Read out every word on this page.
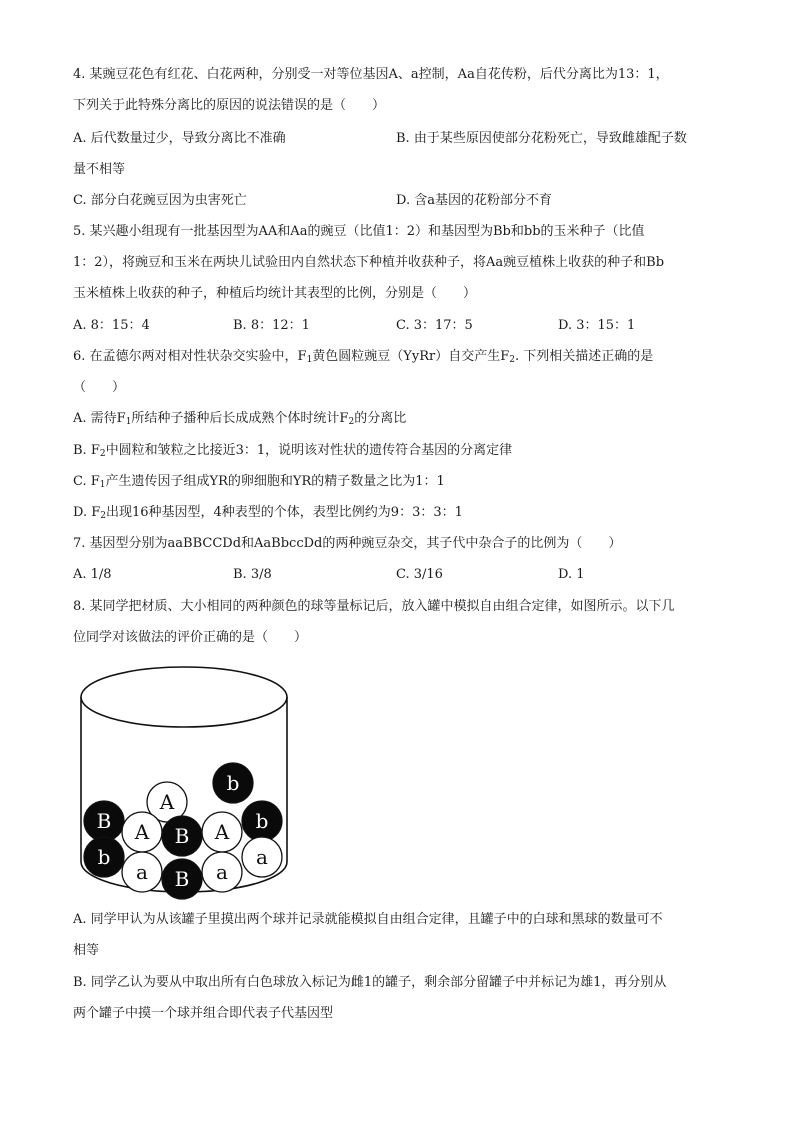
4. 某豌豆花色有红花、白花两种，分别受一对等位基因A、a控制，Aa自花传粉，后代分离比为13：1，
下列关于此特殊分离比的原因的说法错误的是（　　）
A. 后代数量过少，导致分离比不准确	B. 由于某些原因使部分花粉死亡，导致雌雄配子数
量不相等
C. 部分白花豌豆因为虫害死亡	D. 含a基因的花粉部分不育
5. 某兴趣小组现有一批基因型为AA和Aa的豌豆（比值1：2）和基因型为Bb和bb的玉米种子（比值
1：2），将豌豆和玉米在两块儿试验田内自然状态下种植并收获种子，将Aa豌豆植株上收获的种子和Bb
玉米植株上收获的种子，种植后均统计其表型的比例，分别是（　　）
A. 8：15：4	B. 8：12：1	C. 3：17：5	D. 3：15：1
6. 在孟德尔两对相对性状杂交实验中，$F_1$黄色圆粒豌豆（YyRr）自交产生$F_2$. 下列相关描述正确的是
（　　）
A. 需待$F_1$所结种子播种后长成成熟个体时统计$F_2$的分离比
B. $F_2$中圆粒和皱粒之比接近3：1，说明该对性状的遗传符合基因的分离定律
C. $F_1$产生遗传因子组成YR的卵细胞和YR的精子数量之比为1：1
D. $F_2$出现16种基因型，4种表型的个体，表型比例约为9：3：3：1
7. 基因型分别为aaBBCCDd和AaBbccDd的两种豌豆杂交，其子代中杂合子的比例为（　　）
A. 1/8	B. 3/8	C. 3/16	D. 1
8. 某同学把材质、大小相同的两种颜色的球等量标记后，放入罐中模拟自由组合定律，如图所示。以下几
位同学对该做法的评价正确的是（　　）
A
b
B A B A b
b
a B a
a
A. 同学甲认为从该罐子里摸出两个球并记录就能模拟自由组合定律，且罐子中的白球和黑球的数量可不
相等
B. 同学乙认为要从中取出所有白色球放入标记为雌1的罐子，剩余部分留罐子中并标记为雄1，再分别从
两个罐子中摸一个球并组合即代表子代基因型
